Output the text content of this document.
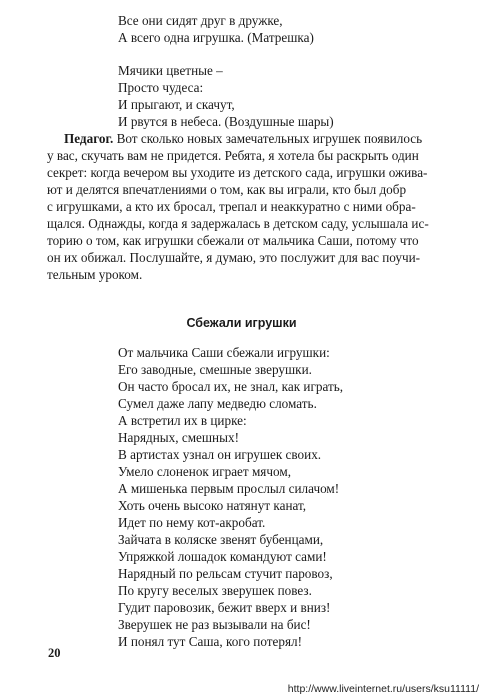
Все они сидят друг в дружке,
А всего одна игрушка. (Матрешка)
Мячики цветные –
Просто чудеса:
И прыгают, и скачут,
И рвутся в небеса. (Воздушные шары)
Педагог. Вот сколько новых замечательных игрушек появилось
у вас, скучать вам не придется. Ребята, я хотела бы раскрыть один
секрет: когда вечером вы уходите из детского сада, игрушки ожива-
ют и делятся впечатлениями о том, как вы играли, кто был добр
с игрушками, а кто их бросал, трепал и неаккуратно с ними обра-
щался. Однажды, когда я задержалась в детском саду, услышала ис-
торию о том, как игрушки сбежали от мальчика Саши, потому что
он их обижал. Послушайте, я думаю, это послужит для вас поучи-
тельным уроком.
Сбежали игрушки
От мальчика Саши сбежали игрушки:
Его заводные, смешные зверушки.
Он часто бросал их, не знал, как играть,
Сумел даже лапу медведю сломать.
А встретил их в цирке:
Нарядных, смешных!
В артистах узнал он игрушек своих.
Умело слоненок играет мячом,
А мишенька первым прослыл силачом!
Хоть очень высоко натянут канат,
Идет по нему кот-акробат.
Зайчата в коляске звенят бубенцами,
Упряжкой лошадок командуют сами!
Нарядный по рельсам стучит паровоз,
По кругу веселых зверушек повез.
Гудит паровозик, бежит вверх и вниз!
Зверушек не раз вызывали на бис!
И понял тут Саша, кого потерял!
20
http://www.liveinternet.ru/users/ksu11111/
